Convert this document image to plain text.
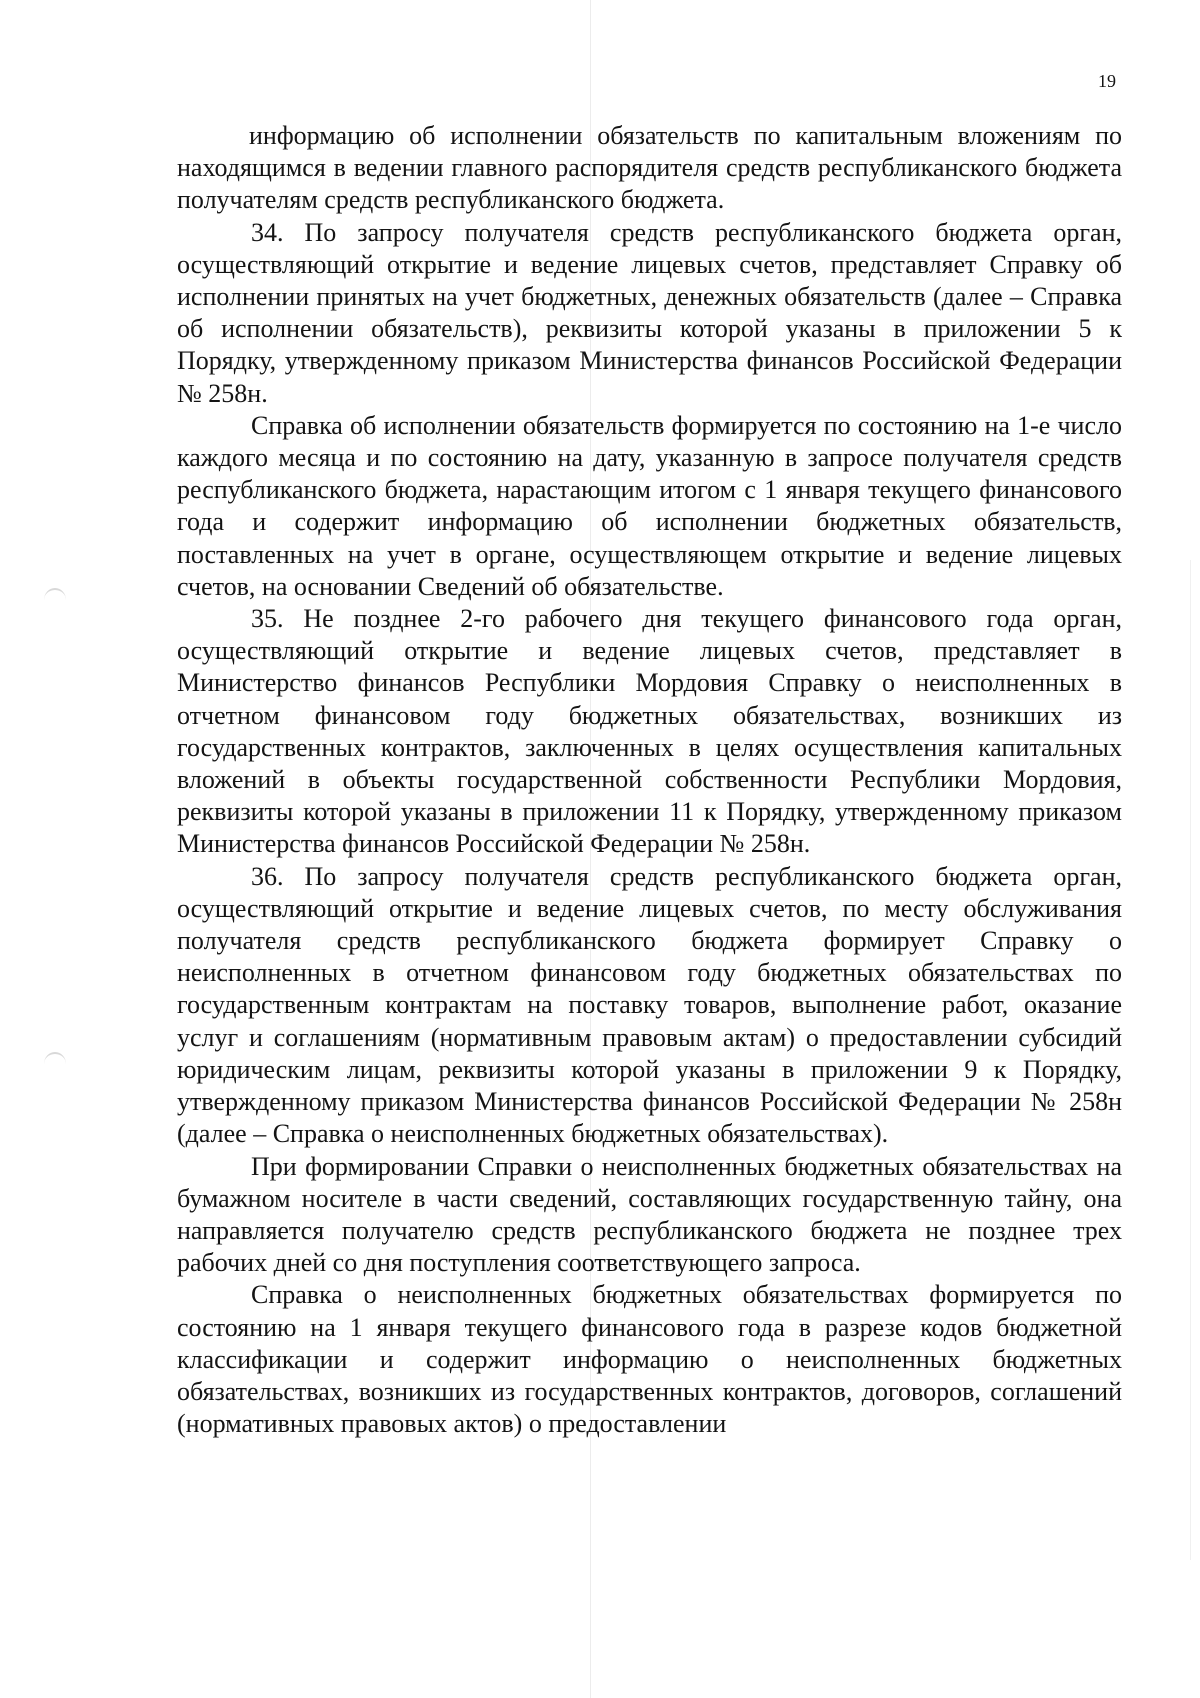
19

информацию об исполнении обязательств по капитальным вложениям по находящимся в ведении главного распорядителя средств республиканского бюджета получателям средств республиканского бюджета.

34. По запросу получателя средств республиканского бюджета орган, осуществляющий открытие и ведение лицевых счетов, представляет Справку об исполнении принятых на учет бюджетных, денежных обязательств (далее – Справка об исполнении обязательств), реквизиты которой указаны в приложении 5 к Порядку, утвержденному приказом Министерства финансов Российской Федерации № 258н.

Справка об исполнении обязательств формируется по состоянию на 1-е число каждого месяца и по состоянию на дату, указанную в запросе получателя средств республиканского бюджета, нарастающим итогом с 1 января текущего финансового года и содержит информацию об исполнении бюджетных обязательств, поставленных на учет в органе, осуществляющем открытие и ведение лицевых счетов, на основании Сведений об обязательстве.

35. Не позднее 2-го рабочего дня текущего финансового года орган, осуществляющий открытие и ведение лицевых счетов, представляет в Министерство финансов Республики Мордовия Справку о неисполненных в отчетном финансовом году бюджетных обязательствах, возникших из государственных контрактов, заключенных в целях осуществления капитальных вложений в объекты государственной собственности Республики Мордовия, реквизиты которой указаны в приложении 11 к Порядку, утвержденному приказом Министерства финансов Российской Федерации № 258н.

36. По запросу получателя средств республиканского бюджета орган, осуществляющий открытие и ведение лицевых счетов, по месту обслуживания получателя средств республиканского бюджета формирует Справку о неисполненных в отчетном финансовом году бюджетных обязательствах по государственным контрактам на поставку товаров, выполнение работ, оказание услуг и соглашениям (нормативным правовым актам) о предоставлении субсидий юридическим лицам, реквизиты которой указаны в приложении 9 к Порядку, утвержденному приказом Министерства финансов Российской Федерации № 258н (далее – Справка о неисполненных бюджетных обязательствах).

При формировании Справки о неисполненных бюджетных обязательствах на бумажном носителе в части сведений, составляющих государственную тайну, она направляется получателю средств республиканского бюджета не позднее трех рабочих дней со дня поступления соответствующего запроса.

Справка о неисполненных бюджетных обязательствах формируется по состоянию на 1 января текущего финансового года в разрезе кодов бюджетной классификации и содержит информацию о неисполненных бюджетных обязательствах, возникших из государственных контрактов, договоров, соглашений (нормативных правовых актов) о предоставлении
